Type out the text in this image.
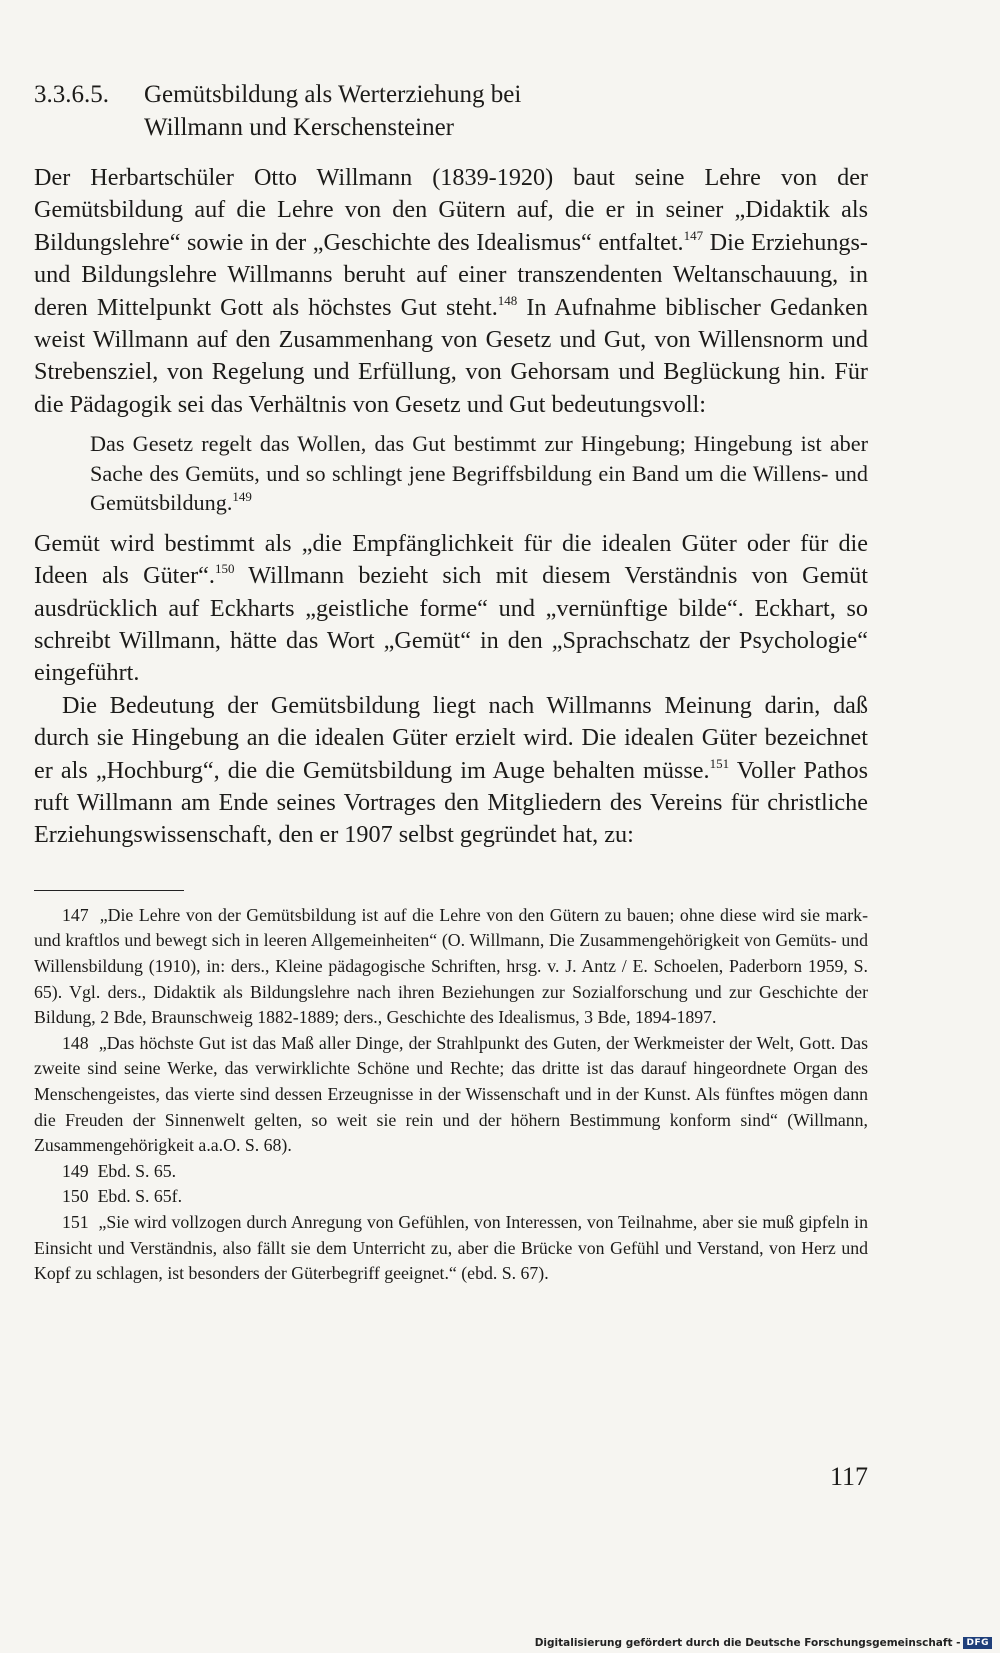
3.3.6.5.	Gemütsbildung als Werterziehung bei
Willmann und Kerschensteiner

Der Herbartschüler Otto Willmann (1839-1920) baut seine Lehre von der Gemütsbildung auf die Lehre von den Gütern auf, die er in seiner „Didaktik als Bildungslehre“ sowie in der „Geschichte des Idealismus“ entfaltet.$^{147}$ Die Erziehungs- und Bildungslehre Willmanns beruht auf einer transzendenten Weltanschauung, in deren Mittelpunkt Gott als höchstes Gut steht.$^{148}$ In Aufnahme biblischer Gedanken weist Willmann auf den Zusammenhang von Gesetz und Gut, von Willensnorm und Strebensziel, von Regelung und Erfüllung, von Gehorsam und Beglückung hin. Für die Pädagogik sei das Verhältnis von Gesetz und Gut bedeutungsvoll:

Das Gesetz regelt das Wollen, das Gut bestimmt zur Hingebung; Hingebung ist aber Sache des Gemüts, und so schlingt jene Begriffsbildung ein Band um die Willens- und Gemütsbildung.$^{149}$

Gemüt wird bestimmt als „die Empfänglichkeit für die idealen Güter oder für die Ideen als Güter“.$^{150}$ Willmann bezieht sich mit diesem Verständnis von Gemüt ausdrücklich auf Eckharts „geistliche forme“ und „vernünftige bilde“. Eckhart, so schreibt Willmann, hätte das Wort „Gemüt“ in den „Sprachschatz der Psychologie“ eingeführt.

Die Bedeutung der Gemütsbildung liegt nach Willmanns Meinung darin, daß durch sie Hingebung an die idealen Güter erzielt wird. Die idealen Güter bezeichnet er als „Hochburg“, die die Gemütsbildung im Auge behalten müsse.$^{151}$ Voller Pathos ruft Willmann am Ende seines Vortrages den Mitgliedern des Vereins für christliche Erziehungswissenschaft, den er 1907 selbst gegründet hat, zu:

147 „Die Lehre von der Gemütsbildung ist auf die Lehre von den Gütern zu bauen; ohne diese wird sie mark- und kraftlos und bewegt sich in leeren Allgemeinheiten“ (O. Willmann, Die Zusammengehörigkeit von Gemüts- und Willensbildung (1910), in: ders., Kleine pädagogische Schriften, hrsg. v. J. Antz / E. Schoelen, Paderborn 1959, S. 65). Vgl. ders., Didaktik als Bildungslehre nach ihren Beziehungen zur Sozialforschung und zur Geschichte der Bildung, 2 Bde, Braunschweig 1882-1889; ders., Geschichte des Idealismus, 3 Bde, 1894-1897.

148 „Das höchste Gut ist das Maß aller Dinge, der Strahlpunkt des Guten, der Werkmeister der Welt, Gott. Das zweite sind seine Werke, das verwirklichte Schöne und Rechte; das dritte ist das darauf hingeordnete Organ des Menschengeistes, das vierte sind dessen Erzeugnisse in der Wissenschaft und in der Kunst. Als fünftes mögen dann die Freuden der Sinnenwelt gelten, so weit sie rein und der höhern Bestimmung konform sind“ (Willmann, Zusammengehörigkeit a.a.O. S. 68).

149 Ebd. S. 65.

150 Ebd. S. 65f.

151 „Sie wird vollzogen durch Anregung von Gefühlen, von Interessen, von Teilnahme, aber sie muß gipfeln in Einsicht und Verständnis, also fällt sie dem Unterricht zu, aber die Brücke von Gefühl und Verstand, von Herz und Kopf zu schlagen, ist besonders der Güterbegriff geeignet.“ (ebd. S. 67).

117
Digitalisierung gefördert durch die Deutsche Forschungsgemeinschaft - DFG
